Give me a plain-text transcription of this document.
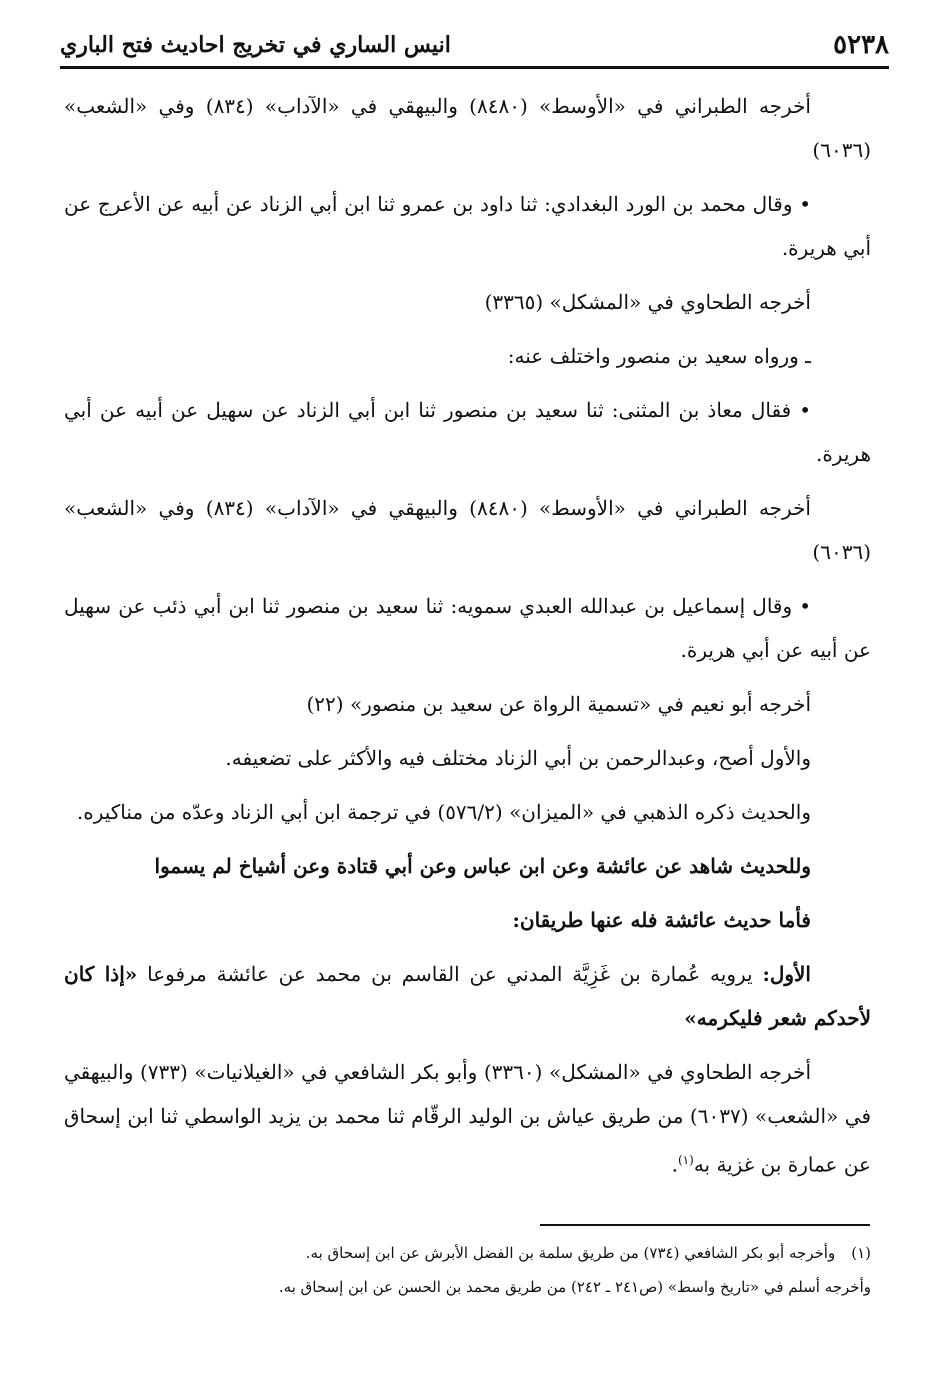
٥٢٣٨
انيس الساري في تخريج احاديث فتح الباري

أخرجه الطبراني في «الأوسط» (٨٤٨٠) والبيهقي في «الآداب» (٨٣٤) وفي «الشعب» (٦٠٣٦)

• وقال محمد بن الورد البغدادي: ثنا داود بن عمرو ثنا ابن أبي الزناد عن أبيه عن الأعرج عن أبي هريرة.

أخرجه الطحاوي في «المشكل» (٣٣٦٥)

ـ ورواه سعيد بن منصور واختلف عنه:

• فقال معاذ بن المثنى: ثنا سعيد بن منصور ثنا ابن أبي الزناد عن سهيل عن أبيه عن أبي هريرة.

أخرجه الطبراني في «الأوسط» (٨٤٨٠) والبيهقي في «الآداب» (٨٣٤) وفي «الشعب» (٦٠٣٦)

• وقال إسماعيل بن عبدالله العبدي سمويه: ثنا سعيد بن منصور ثنا ابن أبي ذئب عن سهيل عن أبيه عن أبي هريرة.

أخرجه أبو نعيم في «تسمية الرواة عن سعيد بن منصور» (٢٢)

والأول أصح، وعبدالرحمن بن أبي الزناد مختلف فيه والأكثر على تضعيفه.

والحديث ذكره الذهبي في «الميزان» (٥٧٦/٢) في ترجمة ابن أبي الزناد وعدّه من مناكيره.

وللحديث شاهد عن عائشة وعن ابن عباس وعن أبي قتادة وعن أشياخ لم يسموا

فأما حديث عائشة فله عنها طريقان:

الأول: يرويه عُمارة بن غَزِيَّة المدني عن القاسم بن محمد عن عائشة مرفوعا «إذا كان لأحدكم شعر فليكرمه»

أخرجه الطحاوي في «المشكل» (٣٣٦٠) وأبو بكر الشافعي في «الغيلانيات» (٧٣٣) والبيهقي في «الشعب» (٦٠٣٧) من طريق عياش بن الوليد الرقّام ثنا محمد بن يزيد الواسطي ثنا ابن إسحاق عن عمارة بن غزية به$^{(١)}$.

(١)وأخرجه أبو بكر الشافعي (٧٣٤) من طريق سلمة بن الفضل الأبرش عن ابن إسحاق به.

وأخرجه أسلم في «تاريخ واسط» (ص٢٤١ ـ ٢٤٢) من طريق محمد بن الحسن عن ابن إسحاق به.
